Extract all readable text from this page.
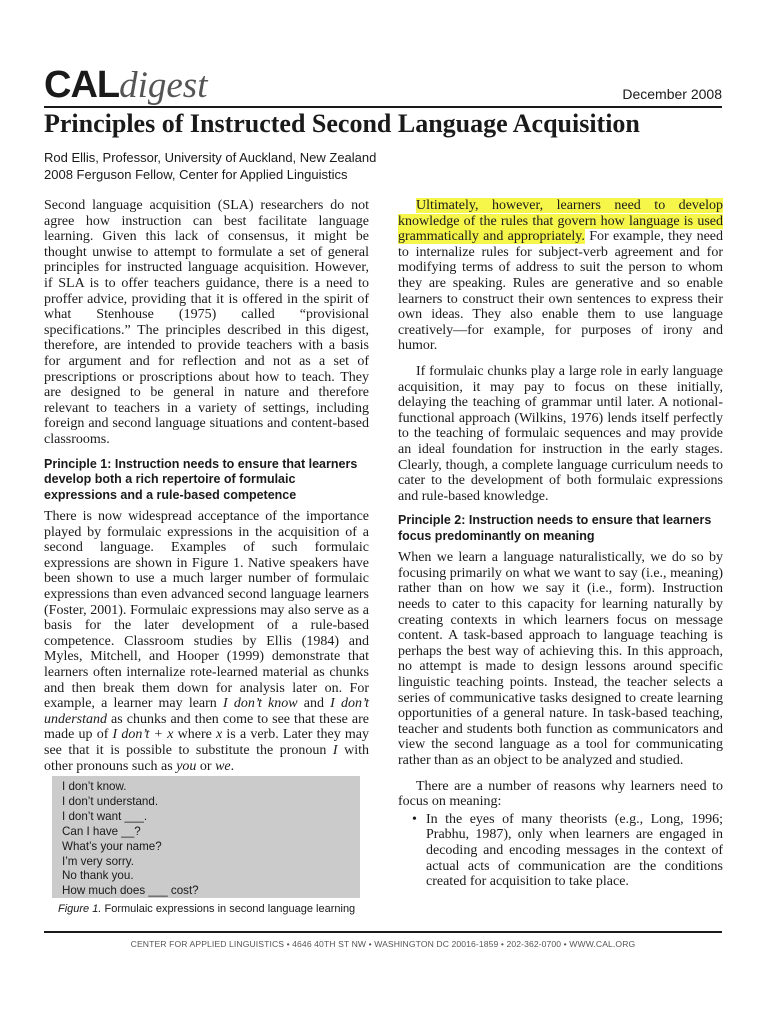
CALdigest	December 2008
Principles of Instructed Second Language Acquisition
Rod Ellis, Professor, University of Auckland, New Zealand
2008 Ferguson Fellow, Center for Applied Linguistics

Second language acquisition (SLA) researchers do not agree how instruction can best facilitate language learning. Given this lack of consensus, it might be thought unwise to attempt to formulate a set of general principles for instructed language acquisition. However, if SLA is to offer teachers guidance, there is a need to proffer advice, providing that it is offered in the spirit of what Stenhouse (1975) called “provisional specifications.” The principles described in this digest, therefore, are intended to provide teachers with a basis for argument and for reflection and not as a set of prescriptions or proscriptions about how to teach. They are designed to be general in nature and therefore relevant to teachers in a variety of settings, including foreign and second language situations and content-based classrooms.

Principle 1: Instruction needs to ensure that learners develop both a rich repertoire of formulaic expressions and a rule-based competence

There is now widespread acceptance of the importance played by formulaic expressions in the acquisition of a second language. Examples of such formulaic expressions are shown in Figure 1. Native speakers have been shown to use a much larger number of formulaic expressions than even advanced second language learners (Foster, 2001). Formulaic expressions may also serve as a basis for the later development of a rule-based competence. Classroom studies by Ellis (1984) and Myles, Mitchell, and Hooper (1999) demonstrate that learners often internalize rote-learned material as chunks and then break them down for analysis later on. For example, a learner may learn I don’t know and I don’t understand as chunks and then come to see that these are made up of I don’t + x where x is a verb. Later they may see that it is possible to substitute the pronoun I with other pronouns such as you or we.

I don’t know.
I don’t understand.
I don’t want ___.
Can I have __?
What’s your name?
I’m very sorry.
No thank you.
How much does ___ cost?
Figure 1. Formulaic expressions in second language learning

Ultimately, however, learners need to develop knowledge of the rules that govern how language is used grammatically and appropriately. For example, they need to internalize rules for subject-verb agreement and for modifying terms of address to suit the person to whom they are speaking. Rules are generative and so enable learners to construct their own sentences to express their own ideas. They also enable them to use language creatively—for example, for purposes of irony and humor.

If formulaic chunks play a large role in early language acquisition, it may pay to focus on these initially, delaying the teaching of grammar until later. A notional-functional approach (Wilkins, 1976) lends itself perfectly to the teaching of formulaic sequences and may provide an ideal foundation for instruction in the early stages. Clearly, though, a complete language curriculum needs to cater to the development of both formulaic expressions and rule-based knowledge.

Principle 2: Instruction needs to ensure that learners focus predominantly on meaning

When we learn a language naturalistically, we do so by focusing primarily on what we want to say (i.e., meaning) rather than on how we say it (i.e., form). Instruction needs to cater to this capacity for learning naturally by creating contexts in which learners focus on message content. A task-based approach to language teaching is perhaps the best way of achieving this. In this approach, no attempt is made to design lessons around specific linguistic teaching points. Instead, the teacher selects a series of communicative tasks designed to create learning opportunities of a general nature. In task-based teaching, teacher and students both function as communicators and view the second language as a tool for communicating rather than as an object to be analyzed and studied.

There are a number of reasons why learners need to focus on meaning:

• In the eyes of many theorists (e.g., Long, 1996; Prabhu, 1987), only when learners are engaged in decoding and encoding messages in the context of actual acts of communication are the conditions created for acquisition to take place.
CENTER FOR APPLIED LINGUISTICS • 4646 40TH ST NW • WASHINGTON DC 20016-1859 • 202-362-0700 • WWW.CAL.ORG
